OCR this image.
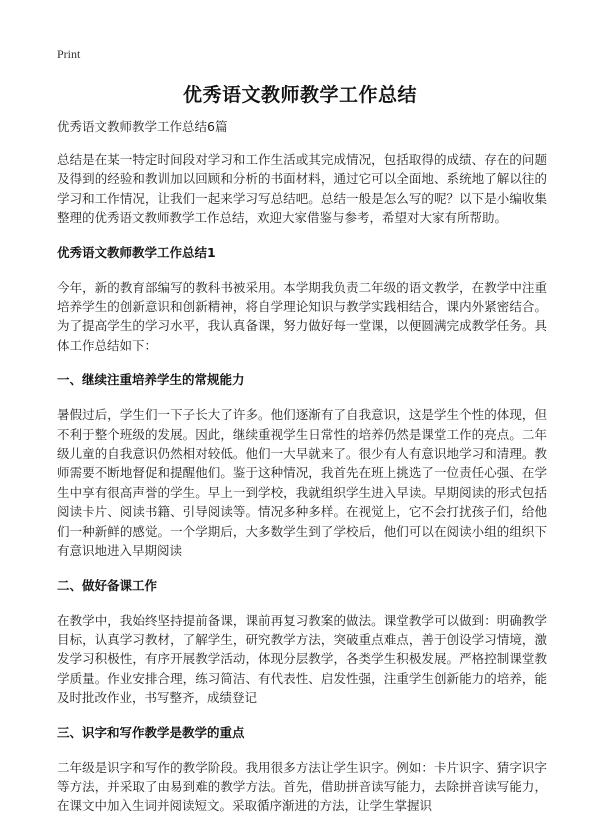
Print
优秀语文教师教学工作总结

优秀语文教师教学工作总结6篇

总结是在某一特定时间段对学习和工作生活或其完成情况，包括取得的成绩、存在的问题及得到的经验和教训加以回顾和分析的书面材料，通过它可以全面地、系统地了解以往的学习和工作情况，让我们一起来学习写总结吧。总结一般是怎么写的呢？以下是小编收集整理的优秀语文教师教学工作总结，欢迎大家借鉴与参考，希望对大家有所帮助。

优秀语文教师教学工作总结1

今年，新的教育部编写的教科书被采用。本学期我负责二年级的语文教学，在教学中注重培养学生的创新意识和创新精神，将自学理论知识与教学实践相结合，课内外紧密结合。为了提高学生的学习水平，我认真备课，努力做好每一堂课，以便圆满完成教学任务。具体工作总结如下：

一、继续注重培养学生的常规能力

暑假过后，学生们一下子长大了许多。他们逐渐有了自我意识，这是学生个性的体现，但不利于整个班级的发展。因此，继续重视学生日常性的培养仍然是课堂工作的亮点。二年级儿童的自我意识仍然相对较低。他们一大早就来了。很少有人有意识地学习和清理。教师需要不断地督促和提醒他们。鉴于这种情况，我首先在班上挑选了一位责任心强、在学生中享有很高声誉的学生。早上一到学校，我就组织学生进入早读。早期阅读的形式包括阅读卡片、阅读书籍、引导阅读等。情况多种多样。在视觉上，它不会打扰孩子们，给他们一种新鲜的感觉。一个学期后，大多数学生到了学校后，他们可以在阅读小组的组织下有意识地进入早期阅读

二、做好备课工作

在教学中，我始终坚持提前备课，课前再复习教案的做法。课堂教学可以做到：明确教学目标，认真学习教材，了解学生，研究教学方法，突破重点难点，善于创设学习情境，激发学习积极性，有序开展教学活动，体现分层教学，各类学生积极发展。严格控制课堂教学质量。作业安排合理，练习简洁、有代表性、启发性强，注重学生创新能力的培养，能及时批改作业，书写整齐，成绩登记

三、识字和写作教学是教学的重点

二年级是识字和写作的教学阶段。我用很多方法让学生识字。例如：卡片识字、猜字识字等方法，并采取了由易到难的教学方法。首先，借助拼音读写能力，去除拼音读写能力，在课文中加入生词并阅读短文。采取循序渐进的方法，让学生掌握识
